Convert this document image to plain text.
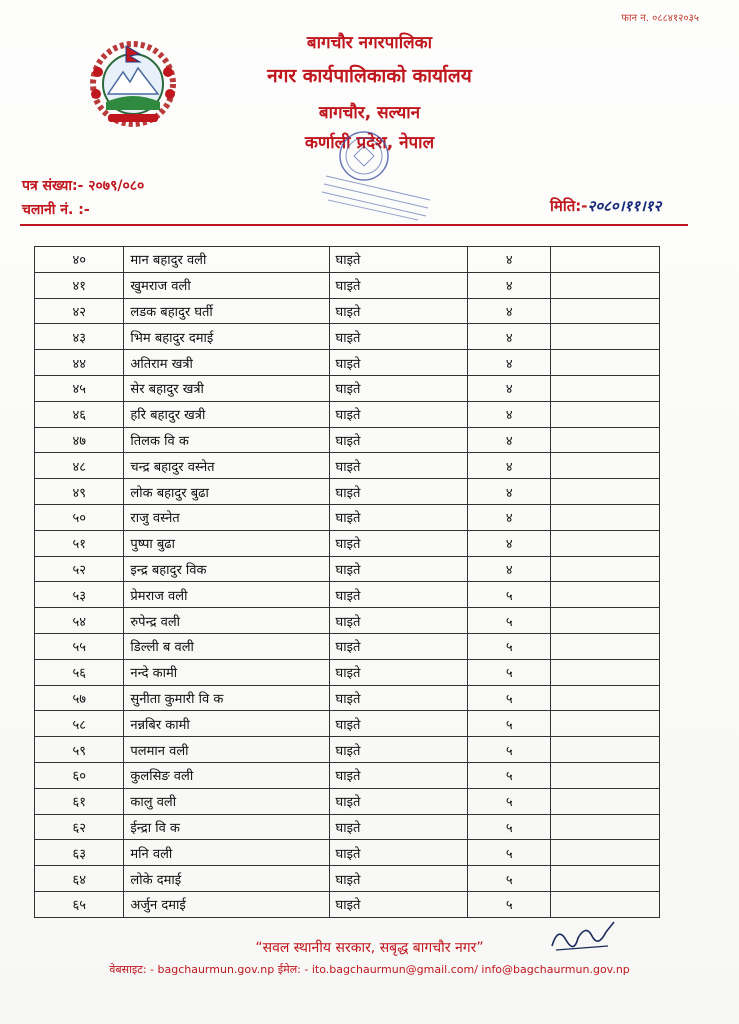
फान न. ०८८४१२०३५
बागचौर नगरपालिका
नगर कार्यपालिकाको कार्यालय
बागचौर, सल्यान
कर्णाली प्रदेश, नेपाल
पत्र संख्या:- २०७९/०८०
चलानी नं. :-	मिति:-२०८०।११।१२
४०	मान बहादुर वली	घाइते	४	
४१	खुमराज वली	घाइते	४	
४२	लडक बहादुर घर्ती	घाइते	४	
४३	भिम बहादुर दमाई	घाइते	४	
४४	अतिराम खत्री	घाइते	४	
४५	सेर बहादुर खत्री	घाइते	४	
४६	हरि बहादुर खत्री	घाइते	४	
४७	तिलक वि क	घाइते	४	
४८	चन्द्र बहादुर वस्नेत	घाइते	४	
४९	लोक बहादुर बुढा	घाइते	४	
५०	राजु वस्नेत	घाइते	४	
५१	पुष्पा बुढा	घाइते	४	
५२	इन्द्र बहादुर विक	घाइते	४	
५३	प्रेमराज वली	घाइते	५	
५४	रुपेन्द्र वली	घाइते	५	
५५	डिल्ली ब वली	घाइते	५	
५६	नन्दे कामी	घाइते	५	
५७	सुनीता कुमारी वि क	घाइते	५	
५८	नन्नबिर कामी	घाइते	५	
५९	पलमान वली	घाइते	५	
६०	कुलसिङ वली	घाइते	५	
६१	कालु वली	घाइते	५	
६२	ईन्द्रा वि क	घाइते	५	
६३	मनि वली	घाइते	५	
६४	लोके दमाई	घाइते	५	
६५	अर्जुन दमाई	घाइते	५	
“सवल स्थानीय सरकार, सबृद्ध बागचौर नगर”
वेबसाइट: - bagchaurmun.gov.np ईमेल: - ito.bagchaurmun@gmail.com/ info@bagchaurmun.gov.np
